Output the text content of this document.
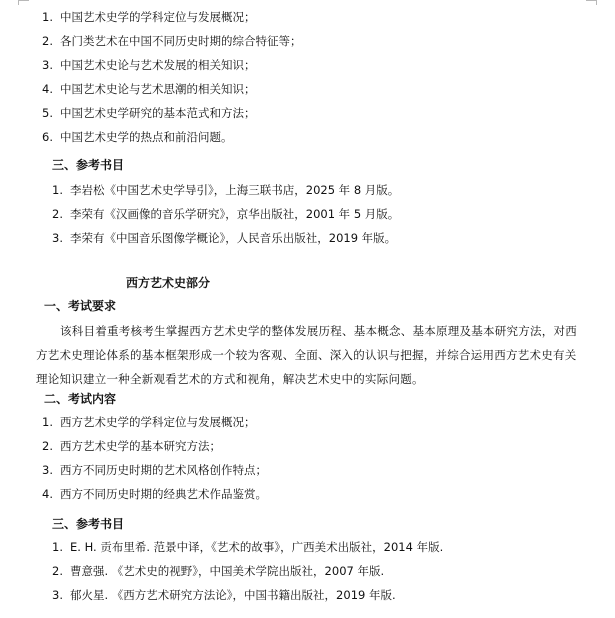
1. 中国艺术史学的学科定位与发展概况；
2. 各门类艺术在中国不同历史时期的综合特征等；
3. 中国艺术史论与艺术发展的相关知识；
4. 中国艺术史论与艺术思潮的相关知识；
5. 中国艺术史学研究的基本范式和方法；
6. 中国艺术史学的热点和前沿问题。
三、参考书目
1. 李岩松《中国艺术史学导引》，上海三联书店，2025 年 8 月版。
2. 李荣有《汉画像的音乐学研究》，京华出版社，2001 年 5 月版。
3. 李荣有《中国音乐图像学概论》，人民音乐出版社，2019 年版。
西方艺术史部分
一、考试要求
该科目着重考核考生掌握西方艺术史学的整体发展历程、基本概念、基本原理及基本研究方法，对西方艺术史理论体系的基本框架形成一个较为客观、全面、深入的认识与把握，并综合运用西方艺术史有关理论知识建立一种全新观看艺术的方式和视角，解决艺术史中的实际问题。
二、考试内容
1. 西方艺术史学的学科定位与发展概况；
2. 西方艺术史学的基本研究方法；
3. 西方不同历史时期的艺术风格创作特点；
4. 西方不同历史时期的经典艺术作品鉴赏。
三、参考书目
1. E. H. 贡布里希. 范景中译，《艺术的故事》，广西美术出版社，2014 年版.
2. 曹意强. 《艺术史的视野》，中国美术学院出版社，2007 年版.
3. 郁火星. 《西方艺术研究方法论》，中国书籍出版社，2019 年版.
